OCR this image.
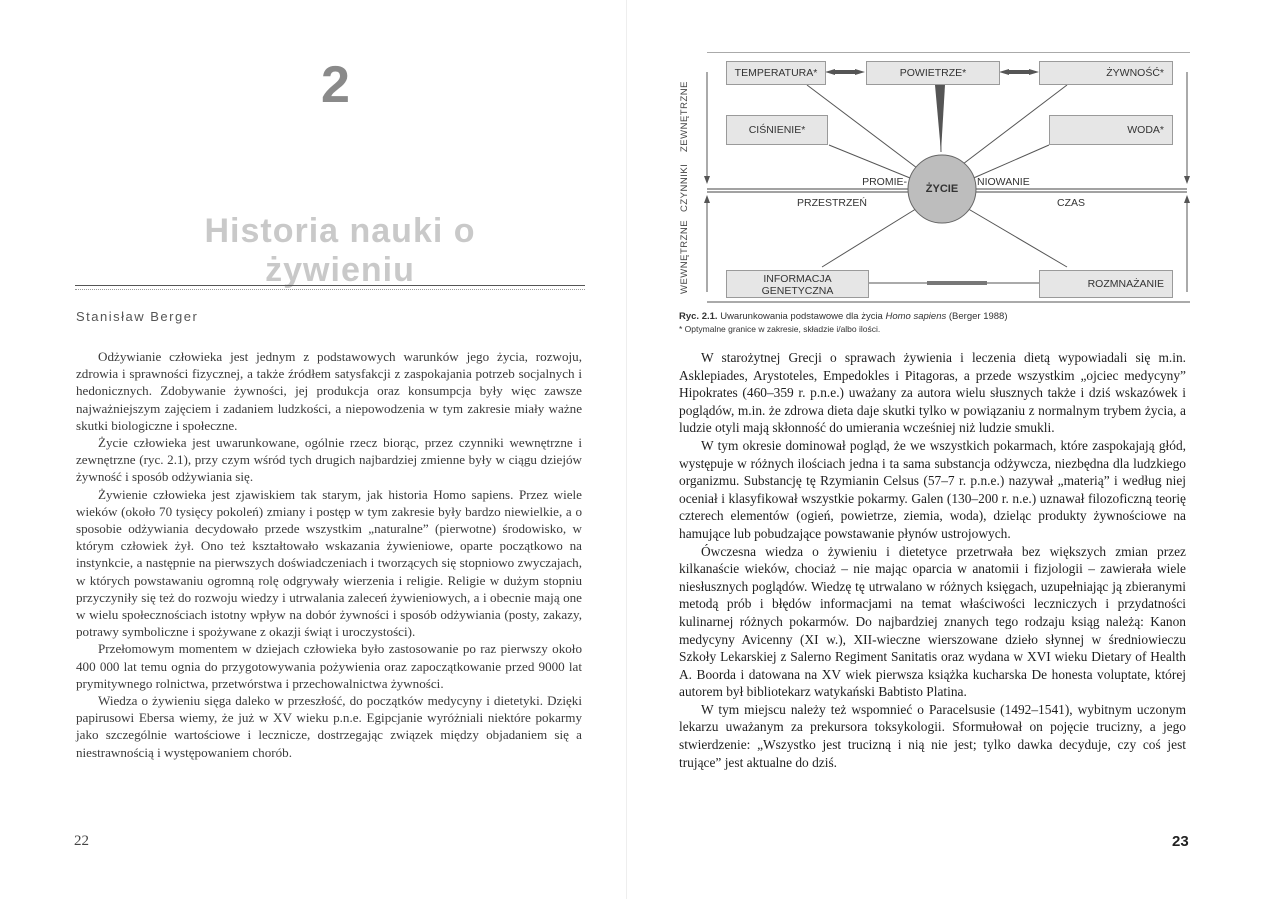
2
Historia nauki o żywieniu
Stanisław Berger

Odżywianie człowieka jest jednym z podstawowych warunków jego życia, rozwoju, zdrowia i sprawności fizycznej, a także źródłem satysfakcji z zaspokajania potrzeb socjalnych i hedonicznych. Zdobywanie żywności, jej produkcja oraz konsumpcja były więc zawsze najważniejszym zajęciem i zadaniem ludzkości, a niepowodzenia w tym zakresie miały ważne skutki biologiczne i społeczne.

Życie człowieka jest uwarunkowane, ogólnie rzecz biorąc, przez czynniki wewnętrzne i zewnętrzne (ryc. 2.1), przy czym wśród tych drugich najbardziej zmienne były w ciągu dziejów żywność i sposób odżywiania się.

Żywienie człowieka jest zjawiskiem tak starym, jak historia Homo sapiens. Przez wiele wieków (około 70 tysięcy pokoleń) zmiany i postęp w tym zakresie były bardzo niewielkie, a o sposobie odżywiania decydowało przede wszystkim „naturalne” (pierwotne) środowisko, w którym człowiek żył. Ono też kształtowało wskazania żywieniowe, oparte początkowo na instynkcie, a następnie na pierwszych doświadczeniach i tworzących się stopniowo zwyczajach, w których powstawaniu ogromną rolę odgrywały wierzenia i religie. Religie w dużym stopniu przyczyniły się też do rozwoju wiedzy i utrwalania zaleceń żywieniowych, a i obecnie mają one w wielu społecznościach istotny wpływ na dobór żywności i sposób odżywiania (posty, zakazy, potrawy symboliczne i spożywane z okazji świąt i uroczystości).

Przełomowym momentem w dziejach człowieka było zastosowanie po raz pierwszy około 400 000 lat temu ognia do przygotowywania pożywienia oraz zapoczątkowanie przed 9000 lat prymitywnego rolnictwa, przetwórstwa i przechowalnictwa żywności.

Wiedza o żywieniu sięga daleko w przeszłość, do początków medycyny i dietetyki. Dzięki papirusowi Ebersa wiemy, że już w XV wieku p.n.e. Egipcjanie wyróżniali niektóre pokarmy jako szczególnie wartościowe i lecznicze, dostrzegając związek między objadaniem się a niestrawnością i występowaniem chorób.

22
TEMPERATURA*	POWIETRZE*	ŻYWNOŚĆ*
CIŚNIENIE*	WODA*
INFORMACJA GENETYCZNA
ROZMNAŻANIE
PROMIE-	NIOWANIE
PRZESTRZEŃ	CZAS
ŻYCIE
ZEWNĘTRZNE
CZYNNIKI
WEWNĘTRZNE
Ryc. 2.1. Uwarunkowania podstawowe dla życia Homo sapiens (Berger 1988)
* Optymalne granice w zakresie, składzie i/albo ilości.

W starożytnej Grecji o sprawach żywienia i leczenia dietą wypowiadali się m.in. Asklepiades, Arystoteles, Empedokles i Pitagoras, a przede wszystkim „ojciec medycyny” Hipokrates (460–359 r. p.n.e.) uważany za autora wielu słusznych także i dziś wskazówek i poglądów, m.in. że zdrowa dieta daje skutki tylko w powiązaniu z normalnym trybem życia, a ludzie otyli mają skłonność do umierania wcześniej niż ludzie smukli.

W tym okresie dominował pogląd, że we wszystkich pokarmach, które zaspokajają głód, występuje w różnych ilościach jedna i ta sama substancja odżywcza, niezbędna dla ludzkiego organizmu. Substancję tę Rzymianin Celsus (57–7 r. p.n.e.) nazywał „materią” i według niej oceniał i klasyfikował wszystkie pokarmy. Galen (130–200 r. n.e.) uznawał filozoficzną teorię czterech elementów (ogień, powietrze, ziemia, woda), dzieląc produkty żywnościowe na hamujące lub pobudzające powstawanie płynów ustrojowych.

Ówczesna wiedza o żywieniu i dietetyce przetrwała bez większych zmian przez kilkanaście wieków, chociaż – nie mając oparcia w anatomii i fizjologii – zawierała wiele niesłusznych poglądów. Wiedzę tę utrwalano w różnych księgach, uzupełniając ją zbieranymi metodą prób i błędów informacjami na temat właściwości leczniczych i przydatności kulinarnej różnych pokarmów. Do najbardziej znanych tego rodzaju ksiąg należą: Kanon medycyny Avicenny (XI w.), XII-wieczne wierszowane dzieło słynnej w średniowieczu Szkoły Lekarskiej z Salerno Regiment Sanitatis oraz wydana w XVI wieku Dietary of Health A. Boorda i datowana na XV wiek pierwsza książka kucharska De honesta voluptate, której autorem był bibliotekarz watykański Babtisto Platina.

W tym miejscu należy też wspomnieć o Paracelsusie (1492–1541), wybitnym uczonym lekarzu uważanym za prekursora toksykologii. Sformułował on pojęcie trucizny, a jego stwierdzenie: „Wszystko jest trucizną i nią nie jest; tylko dawka decyduje, czy coś jest trujące” jest aktualne do dziś.

23
